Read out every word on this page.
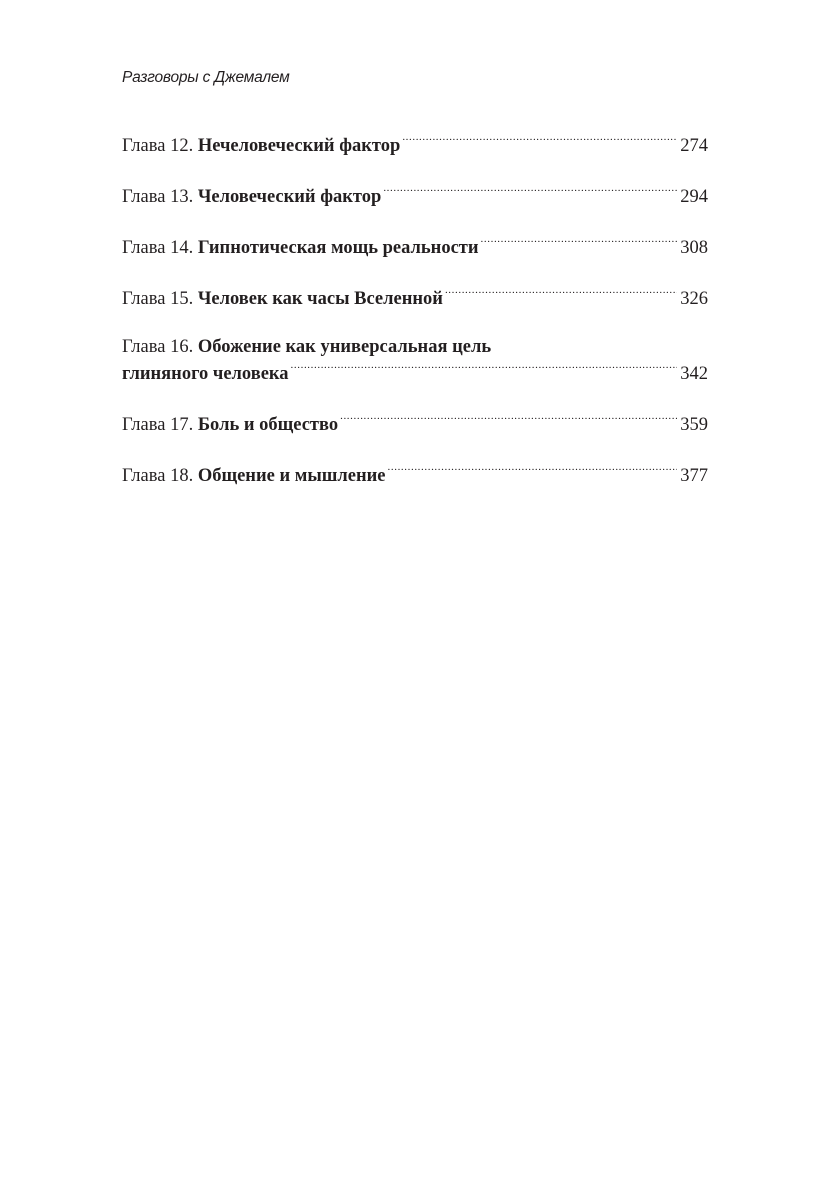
Разговоры с Джемалем
Глава 12.
Нечеловеческий фактор .....	274
Глава 13.
Человеческий фактор .....	294
Глава 14.
Гипнотическая мощь реальности .....	308
Глава 15.
Человек как часы Вселенной .....	326
Глава 16.
Обожение как универсальная цель
глиняного человека .....	342
Глава 17.
Боль и общество .....	359
Глава 18.
Общение и мышление .....	377
